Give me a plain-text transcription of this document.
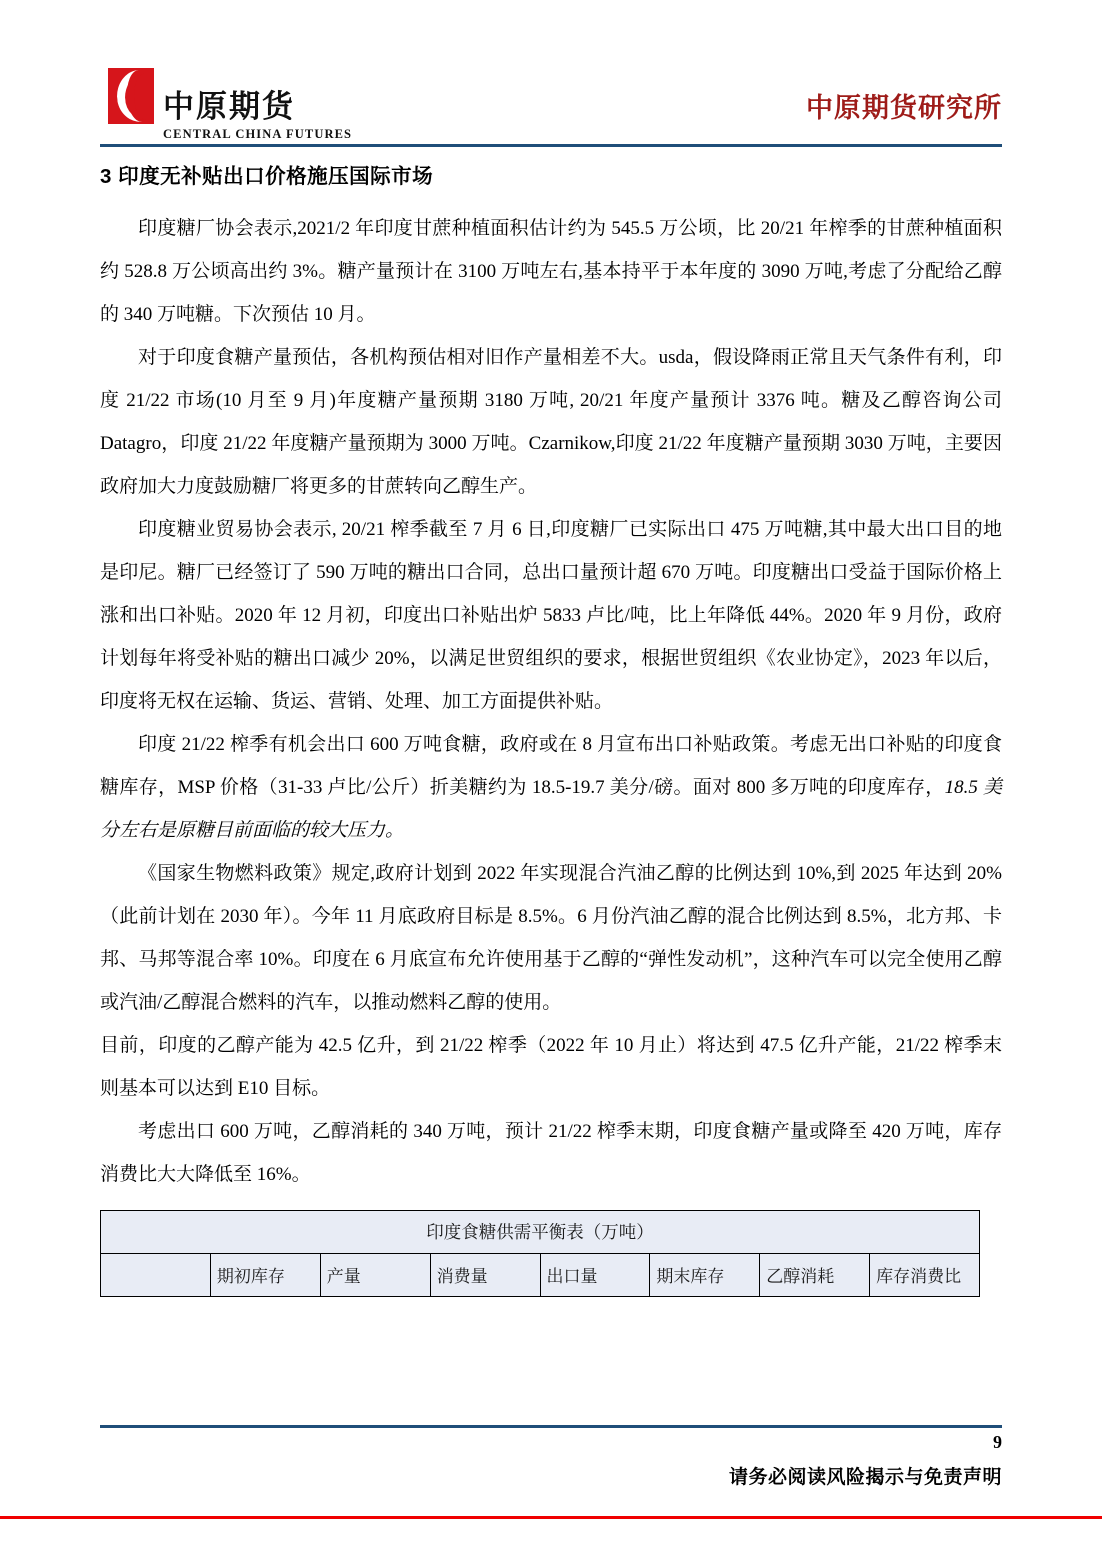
中原期货
CENTRAL CHINA FUTURES
中原期货研究所
3 印度无补贴出口价格施压国际市场

印度糖厂协会表示,2021/2 年印度甘蔗种植面积估计约为 545.5 万公顷，比 20/21 年榨季的甘蔗种植面积约 528.8 万公顷高出约 3%。糖产量预计在 3100 万吨左右,基本持平于本年度的 3090 万吨,考虑了分配给乙醇的 340 万吨糖。下次预估 10 月。

对于印度食糖产量预估，各机构预估相对旧作产量相差不大。usda，假设降雨正常且天气条件有利，印度 21/22 市场(10 月至 9 月)年度糖产量预期 3180 万吨, 20/21 年度产量预计 3376 吨。糖及乙醇咨询公司 Datagro，印度 21/22 年度糖产量预期为 3000 万吨。Czarnikow,印度 21/22 年度糖产量预期 3030 万吨，主要因政府加大力度鼓励糖厂将更多的甘蔗转向乙醇生产。

印度糖业贸易协会表示, 20/21 榨季截至 7 月 6 日,印度糖厂已实际出口 475 万吨糖,其中最大出口目的地是印尼。糖厂已经签订了 590 万吨的糖出口合同，总出口量预计超 670 万吨。印度糖出口受益于国际价格上涨和出口补贴。2020 年 12 月初，印度出口补贴出炉 5833 卢比/吨，比上年降低 44%。2020 年 9 月份，政府计划每年将受补贴的糖出口减少 20%，以满足世贸组织的要求，根据世贸组织《农业协定》，2023 年以后，印度将无权在运输、货运、营销、处理、加工方面提供补贴。

印度 21/22 榨季有机会出口 600 万吨食糖，政府或在 8 月宣布出口补贴政策。考虑无出口补贴的印度食糖库存，MSP 价格（31-33 卢比/公斤）折美糖约为 18.5-19.7 美分/磅。面对 800 多万吨的印度库存，18.5 美分左右是原糖目前面临的较大压力。

《国家生物燃料政策》规定,政府计划到 2022 年实现混合汽油乙醇的比例达到 10%,到 2025 年达到 20%（此前计划在 2030 年）。今年 11 月底政府目标是 8.5%。6 月份汽油乙醇的混合比例达到 8.5%，北方邦、卡邦、马邦等混合率 10%。印度在 6 月底宣布允许使用基于乙醇的“弹性发动机”，这种汽车可以完全使用乙醇或汽油/乙醇混合燃料的汽车，以推动燃料乙醇的使用。

目前，印度的乙醇产能为 42.5 亿升，到 21/22 榨季（2022 年 10 月止）将达到 47.5 亿升产能，21/22 榨季末则基本可以达到 E10 目标。

考虑出口 600 万吨，乙醇消耗的 340 万吨，预计 21/22 榨季末期，印度食糖产量或降至 420 万吨，库存消费比大大降低至 16%。

印度食糖供需平衡表（万吨）
	期初库存	产量	消费量	出口量	期末库存	乙醇消耗	库存消费比
9
请务必阅读风险揭示与免责声明
